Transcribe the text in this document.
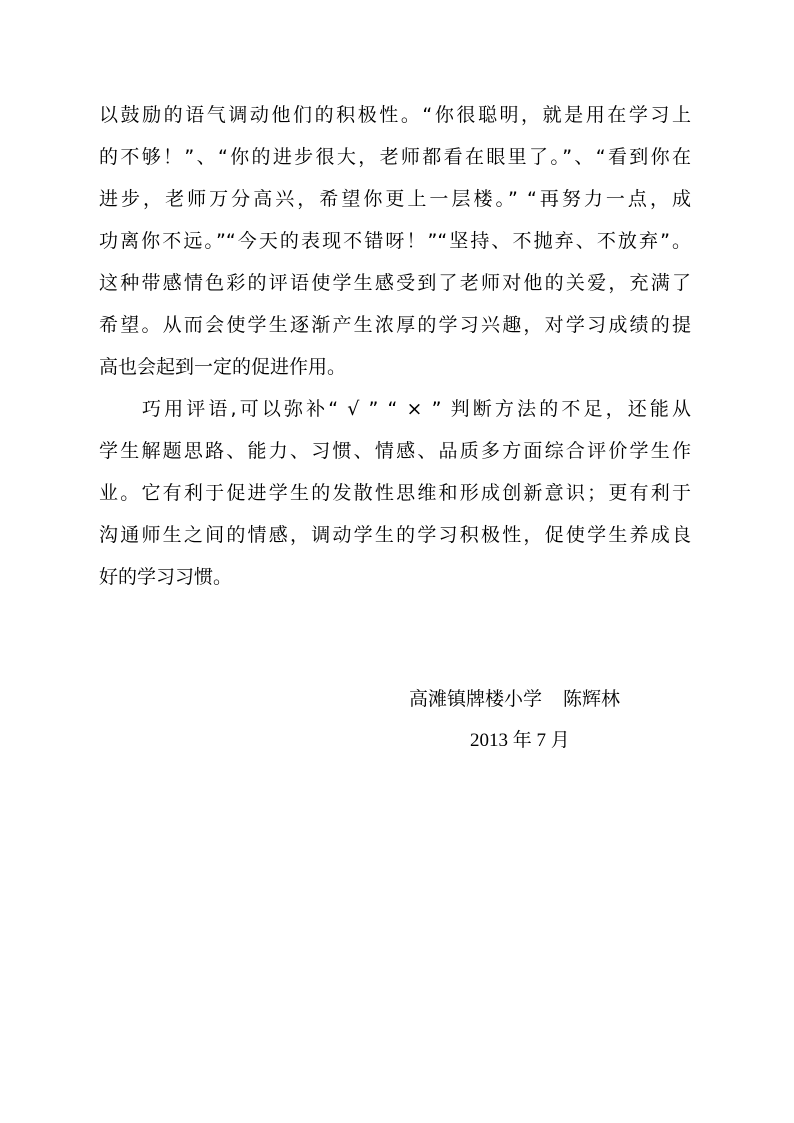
以鼓励的语气调动他们的积极性。“你很聪明，就是用在学习上
的不够！”、“你的进步很大，老师都看在眼里了。”、“看到你在
进步，老师万分高兴，希望你更上一层楼。” “再努力一点，成
功离你不远。”“今天的表现不错呀！”“坚持、不抛弃、不放弃”。
这种带感情色彩的评语使学生感受到了老师对他的关爱，充满了
希望。从而会使学生逐渐产生浓厚的学习兴趣，对学习成绩的提
高也会起到一定的促进作用。
巧用评语,可以弥补“ √ ” “ × ” 判断方法的不足，还能从
学生解题思路、能力、习惯、情感、品质多方面综合评价学生作
业。它有利于促进学生的发散性思维和形成创新意识；更有利于
沟通师生之间的情感，调动学生的学习积极性，促使学生养成良
好的学习习惯。
高滩镇牌楼小学 陈辉林
2013 年 7 月
